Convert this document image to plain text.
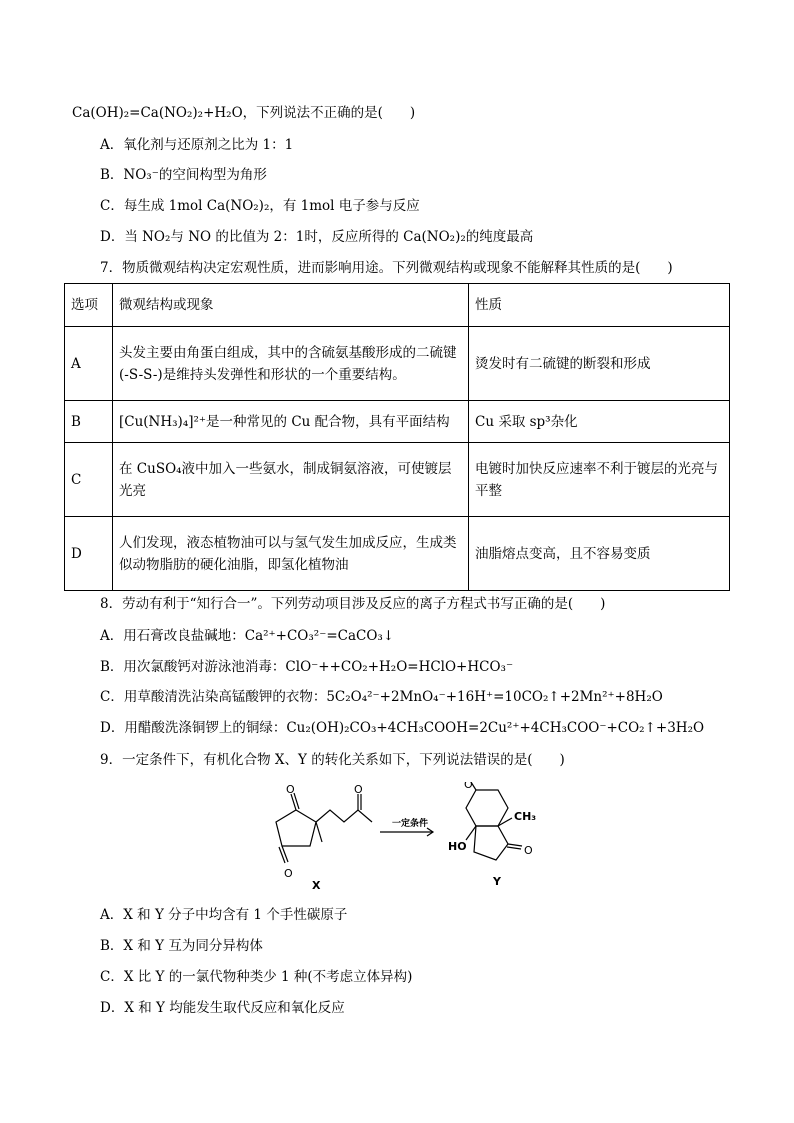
Ca(OH)₂=Ca(NO₂)₂+H₂O，下列说法不正确的是(　　)
A．氧化剂与还原剂之比为 1：1
B．NO₃⁻的空间构型为角形
C．每生成 1mol Ca(NO₂)₂，有 1mol 电子参与反应
D．当 NO₂与 NO 的比值为 2：1时，反应所得的 Ca(NO₂)₂的纯度最高
7．物质微观结构决定宏观性质，进而影响用途。下列微观结构或现象不能解释其性质的是(　　)
选项	微观结构或现象	性质
A	头发主要由角蛋白组成，其中的含硫氨基酸形成的二硫键(-S-S-)是维持头发弹性和形状的一个重要结构。	烫发时有二硫键的断裂和形成
B	[Cu(NH₃)₄]²⁺是一种常见的 Cu 配合物，具有平面结构	Cu 采取 sp³杂化
C	在 CuSO₄液中加入一些氨水，制成铜氨溶液，可使镀层光亮	电镀时加快反应速率不利于镀层的光亮与平整
D	人们发现，液态植物油可以与氢气发生加成反应，生成类似动物脂肪的硬化油脂，即氢化植物油	油脂熔点变高，且不容易变质
8．劳动有利于“知行合一”。下列劳动项目涉及反应的离子方程式书写正确的是(　　)
A．用石膏改良盐碱地：Ca²⁺+CO₃²⁻=CaCO₃↓
B．用次氯酸钙对游泳池消毒：ClO⁻++CO₂+H₂O=HClO+HCO₃⁻
C．用草酸清洗沾染高锰酸钾的衣物：5C₂O₄²⁻+2MnO₄⁻+16H⁺=10CO₂↑+2Mn²⁺+8H₂O
D．用醋酸洗涤铜锣上的铜绿：Cu₂(OH)₂CO₃+4CH₃COOH=2Cu²⁺+4CH₃COO⁻+CO₂↑+3H₂O
9．一定条件下，有机化合物 X、Y 的转化关系如下，下列说法错误的是(　　)
O
O
O
X
一定条件
O
CH₃
HO	O
Y
A．X 和 Y 分子中均含有 1 个手性碳原子
B．X 和 Y 互为同分异构体
C．X 比 Y 的一氯代物种类少 1 种(不考虑立体异构)
D．X 和 Y 均能发生取代反应和氧化反应
